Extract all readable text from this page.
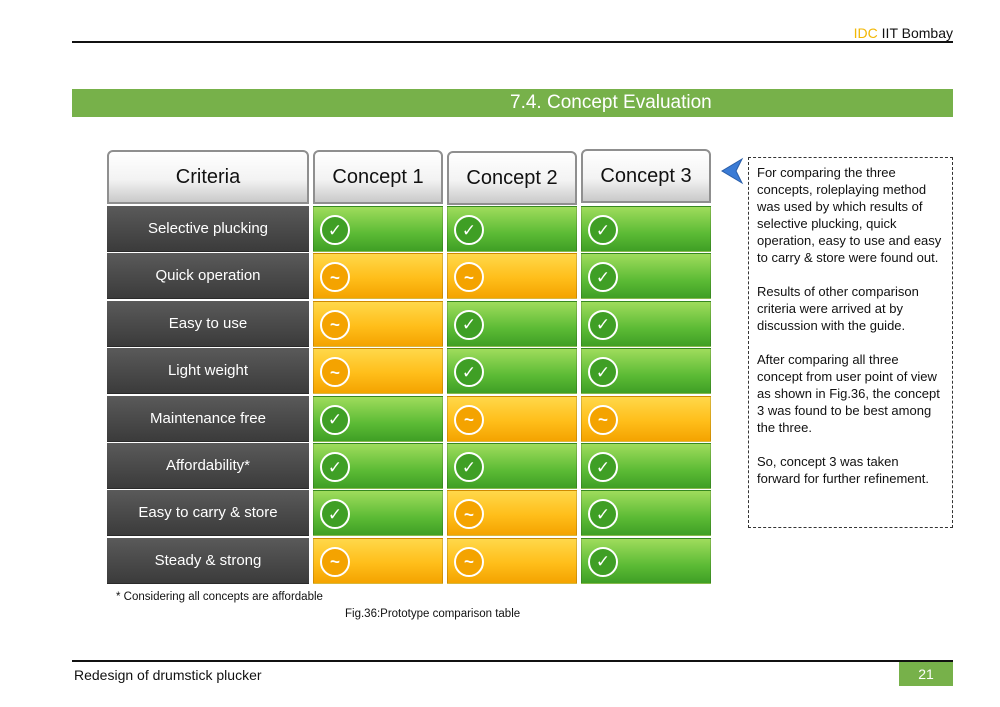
IDC IIT Bombay
7.4. Concept Evaluation
Criteria	Concept 1	Concept 2	Concept 3
Selective plucking	✓	✓	✓
Quick operation	~	~	✓
Easy to use	~	✓	✓
Light weight	~	✓	✓
Maintenance free	✓	~	~
Affordability*	✓	✓	✓
Easy to carry & store	✓	~	✓
Steady & strong	~	~	✓

For comparing the three concepts, roleplaying method was used by which results of selective plucking, quick operation, easy to use and easy to carry & store were found out.

Results of other comparison criteria were arrived at by discussion with the guide.

After comparing all three concept from user point of view as shown in Fig.36, the concept 3 was found to be best among the three.

So, concept 3 was taken forward for further refinement.

* Considering all concepts are affordable
Fig.36:Prototype comparison table
Redesign of drumstick plucker	21
